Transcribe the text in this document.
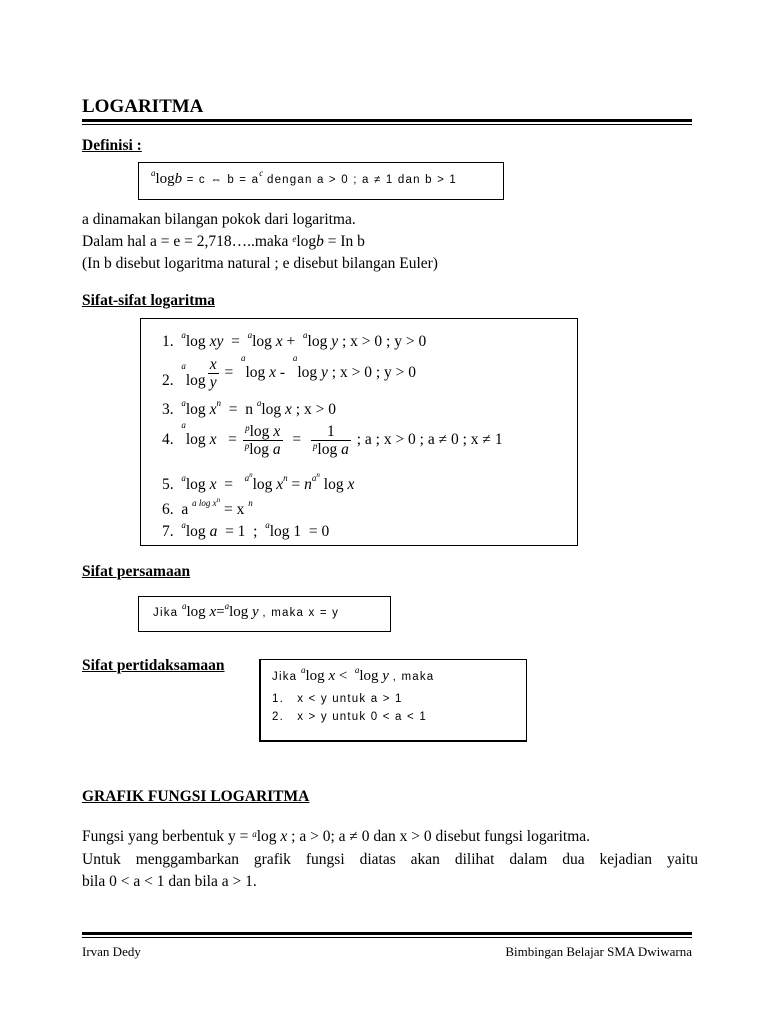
LOGARITMA
Definisi :
$^a$logb = c ⇔ $b = a^c$ dengan a > 0 ; a ≠ 1 dan b > 1
a dinamakan bilangan pokok dari logaritma.
Dalam hal a = e = 2,718…..maka $^e$logb = In b
(In b disebut logaritma natural ; e disebut bilangan Euler)
Sifat-sifat logaritma
1. $^a$log xy  =  $^a$log x +  $^a$log y ; x > 0 ; y > 0
2.  $^a\log \frac{x}{y} = ^a\log$ x -  $^a$log y ; x > 0 ; y > 0
3. $^a$log $x^n = n$ $^a$log x ; x > 0
4.  $^a$log $x = \frac{^p\log x}{^p\log a} = \frac{1}{^p\log a}$ ; a ; x > 0 ; a ≠ 0 ; x ≠ 1
5. $^a$log x  =   $^{a^n}$log $x^n = n^{a^n}$ log x
6.  a $^{a log x^n}$ = x $^n$
7. $^a$log a  = 1  ;  $^a$log 1  = 0
Sifat persamaan
Jika $^a$log x=$^a$log y , maka x = y
Sifat pertidaksamaan
Jika $^a$log x <  $^a$log y , maka
1. x < y untuk a > 1
2. x > y untuk 0 < a < 1
GRAFIK FUNGSI LOGARITMA
Fungsi yang berbentuk y = $^a$log x ; a > 0; a ≠ 0 dan x > 0 disebut fungsi logaritma.
Untuk menggambarkan grafik fungsi diatas akan dilihat dalam dua kejadian yaitu
bila 0 < a < 1 dan bila a > 1.
Irvan Dedy	Bimbingan Belajar SMA Dwiwarna
